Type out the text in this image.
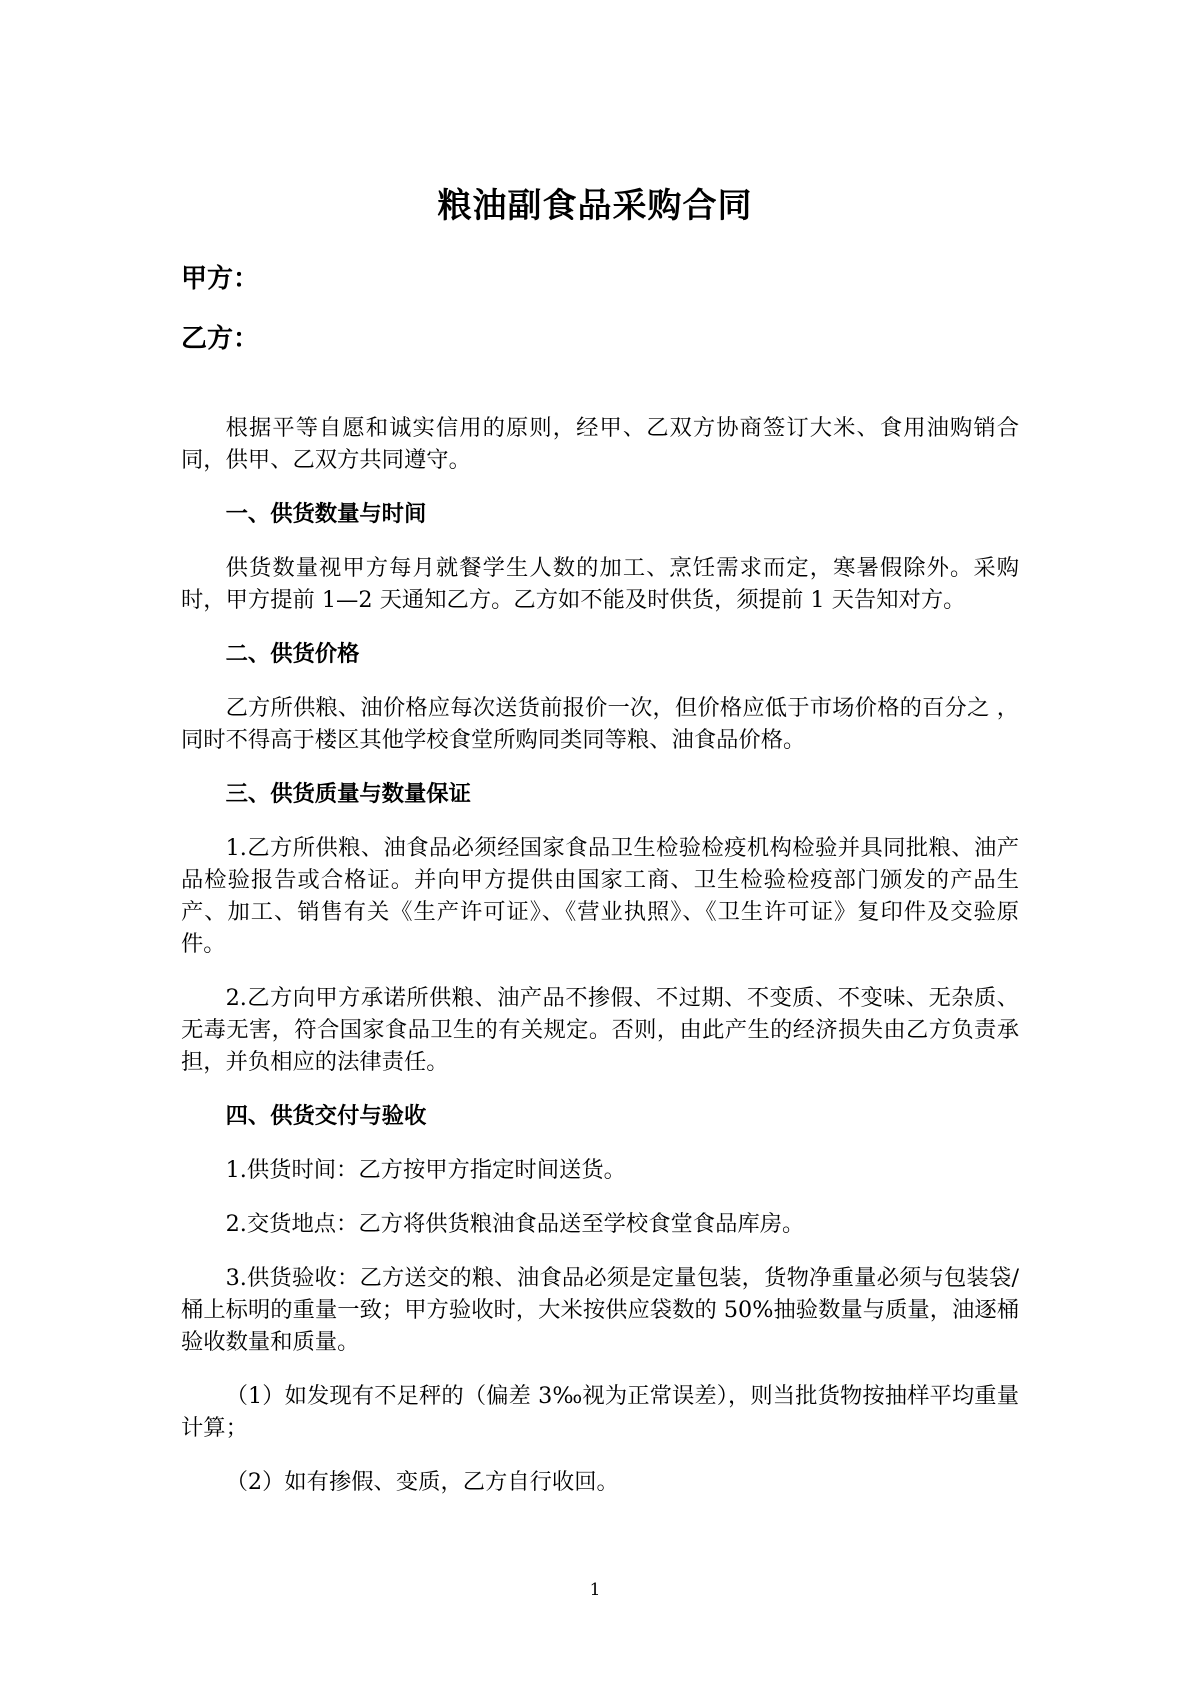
粮油副食品采购合同
甲方：
乙方：

根据平等自愿和诚实信用的原则，经甲、乙双方协商签订大米、食用油购销合同，供甲、乙双方共同遵守。

一、供货数量与时间

供货数量视甲方每月就餐学生人数的加工、烹饪需求而定，寒暑假除外。采购时，甲方提前 1—2 天通知乙方。乙方如不能及时供货，须提前 1 天告知对方。

二、供货价格

乙方所供粮、油价格应每次送货前报价一次，但价格应低于市场价格的百分之 ，同时不得高于楼区其他学校食堂所购同类同等粮、油食品价格。

三、供货质量与数量保证

1.乙方所供粮、油食品必须经国家食品卫生检验检疫机构检验并具同批粮、油产品检验报告或合格证。并向甲方提供由国家工商、卫生检验检疫部门颁发的产品生产、加工、销售有关《生产许可证》、《营业执照》、《卫生许可证》复印件及交验原件。

2.乙方向甲方承诺所供粮、油产品不掺假、不过期、不变质、不变味、无杂质、无毒无害，符合国家食品卫生的有关规定。否则，由此产生的经济损失由乙方负责承担，并负相应的法律责任。

四、供货交付与验收

1.供货时间：乙方按甲方指定时间送货。

2.交货地点：乙方将供货粮油食品送至学校食堂食品库房。

3.供货验收：乙方送交的粮、油食品必须是定量包装，货物净重量必须与包装袋/桶上标明的重量一致；甲方验收时，大米按供应袋数的 50%抽验数量与质量，油逐桶验收数量和质量。

（1）如发现有不足秤的（偏差 3‰视为正常误差），则当批货物按抽样平均重量计算；

（2）如有掺假、变质，乙方自行收回。

1
